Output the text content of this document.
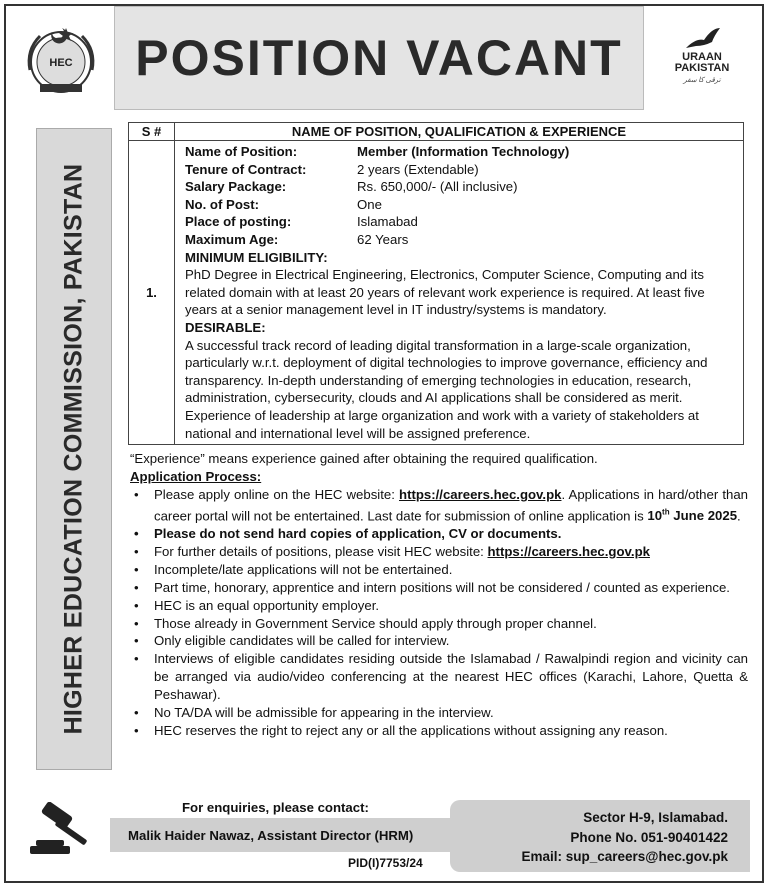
HEC POSITION VACANT	URAAN
PAKISTAN
ترقی کا سفر
HIGHER EDUCATION COMMISSION, PAKISTAN
S #	NAME OF POSITION, QUALIFICATION & EXPERIENCE
1.
Name of Position:	Member (Information Technology)
Tenure of Contract:	2 years (Extendable)
Salary Package:	Rs. 650,000/- (All inclusive)
No. of Post:	One
Place of posting:	Islamabad
Maximum Age:	62 Years
MINIMUM ELIGIBILITY:
PhD Degree in Electrical Engineering, Electronics, Computer Science, Computing and its related domain with at least 20 years of relevant work experience is required. At least five years at a senior management level in IT industry/systems is mandatory.
DESIRABLE:
A successful track record of leading digital transformation in a large-scale organization, particularly w.r.t. deployment of digital technologies to improve governance, efficiency and transparency. In-depth understanding of emerging technologies in education, research, administration, cybersecurity, clouds and AI applications shall be considered as merit. Experience of leadership at large organization and work with a variety of stakeholders at national and international level will be assigned preference.
“Experience” means experience gained after obtaining the required qualification.
Application Process:
• Please apply online on the HEC website: https://careers.hec.gov.pk. Applications in hard/other than career portal will not be entertained. Last date for submission of online application is 10th June 2025.
• Please do not send hard copies of application, CV or documents.
• For further details of positions, please visit HEC website: https://careers.hec.gov.pk
• Incomplete/late applications will not be entertained.
• Part time, honorary, apprentice and intern positions will not be considered / counted as experience.
• HEC is an equal opportunity employer.
• Those already in Government Service should apply through proper channel.
• Only eligible candidates will be called for interview.
• Interviews of eligible candidates residing outside the Islamabad / Rawalpindi region and vicinity can be arranged via audio/video conferencing at the nearest HEC offices (Karachi, Lahore, Quetta & Peshawar).
• No TA/DA will be admissible for appearing in the interview.
• HEC reserves the right to reject any or all the applications without assigning any reason.
For enquiries, please contact:
Malik Haider Nawaz, Assistant Director (HRM)
Sector H-9, Islamabad.
Phone No. 051-90401422
Email: sup_careers@hec.gov.pk
PID(I)7753/24
